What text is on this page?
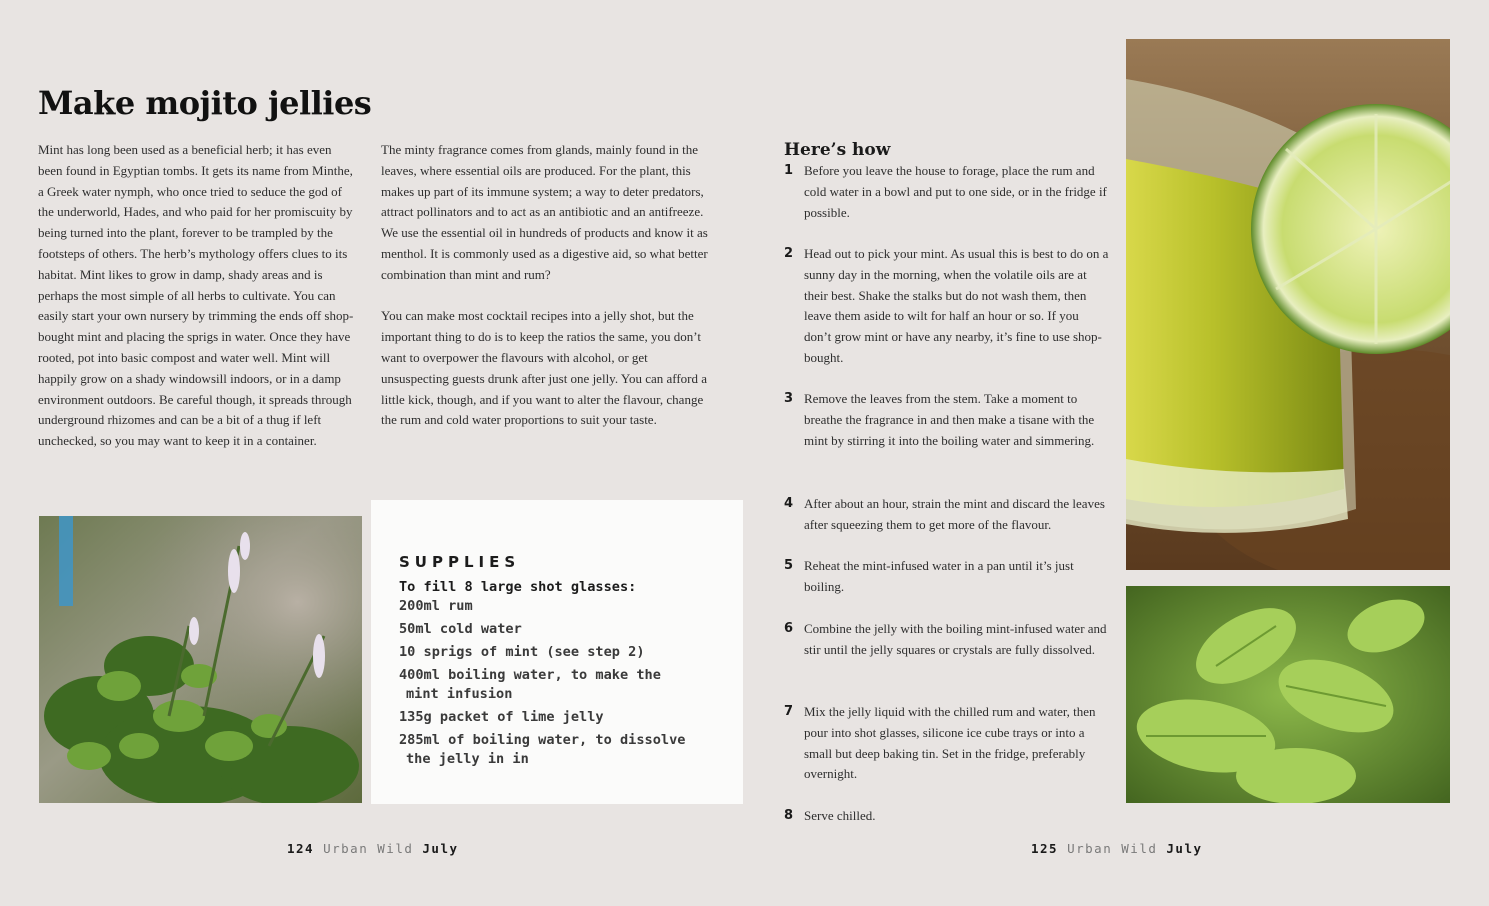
Make mojito jellies

Mint has long been used as a beneficial herb; it has even been found in Egyptian tombs. It gets its name from Minthe, a Greek water nymph, who once tried to seduce the god of the underworld, Hades, and who paid for her promiscuity by being turned into the plant, forever to be trampled by the footsteps of others. The herb’s mythology offers clues to its habitat. Mint likes to grow in damp, shady areas and is perhaps the most simple of all herbs to cultivate. You can easily start your own nursery by trimming the ends off shop-bought mint and placing the sprigs in water. Once they have rooted, pot into basic compost and water well. Mint will happily grow on a shady windowsill indoors, or in a damp environment outdoors. Be careful though, it spreads through underground rhizomes and can be a bit of a thug if left unchecked, so you may want to keep it in a container.

The minty fragrance comes from glands, mainly found in the leaves, where essential oils are produced. For the plant, this makes up part of its immune system; a way to deter predators, attract pollinators and to act as an antibiotic and an antifreeze. We use the essential oil in hundreds of products and know it as menthol. It is commonly used as a digestive aid, so what better combination than mint and rum?

You can make most cocktail recipes into a jelly shot, but the important thing to do is to keep the ratios the same, you don’t want to overpower the flavours with alcohol, or get unsuspecting guests drunk after just one jelly. You can afford a little kick, though, and if you want to alter the flavour, change the rum and cold water proportions to suit your taste.

SUPPLIES
To fill 8 large shot glasses:
200ml rum
50ml cold water
10 sprigs of mint (see step 2)
400ml boiling water, to make the
mint infusion
135g packet of lime jelly
285ml of boiling water, to dissolve
the jelly in in
Here’s how
1 Before you leave the house to forage, place the rum and cold water in a bowl and put to one side, or in the fridge if possible.
2 Head out to pick your mint. As usual this is best to do on a sunny day in the morning, when the volatile oils are at their best. Shake the stalks but do not wash them, then leave them aside to wilt for half an hour or so. If you don’t grow mint or have any nearby, it’s fine to use shop-bought.
3 Remove the leaves from the stem. Take a moment to breathe the fragrance in and then make a tisane with the mint by stirring it into the boiling water and simmering.
4 After about an hour, strain the mint and discard the leaves after squeezing them to get more of the flavour.
5 Reheat the mint-infused water in a pan until it’s just boiling.
6 Combine the jelly with the boiling mint-infused water and stir until the jelly squares or crystals are fully dissolved.
7 Mix the jelly liquid with the chilled rum and water, then pour into shot glasses, silicone ice cube trays or into a small but deep baking tin. Set in the fridge, preferably overnight.
8 Serve chilled.
124 Urban Wild July	125 Urban Wild July
